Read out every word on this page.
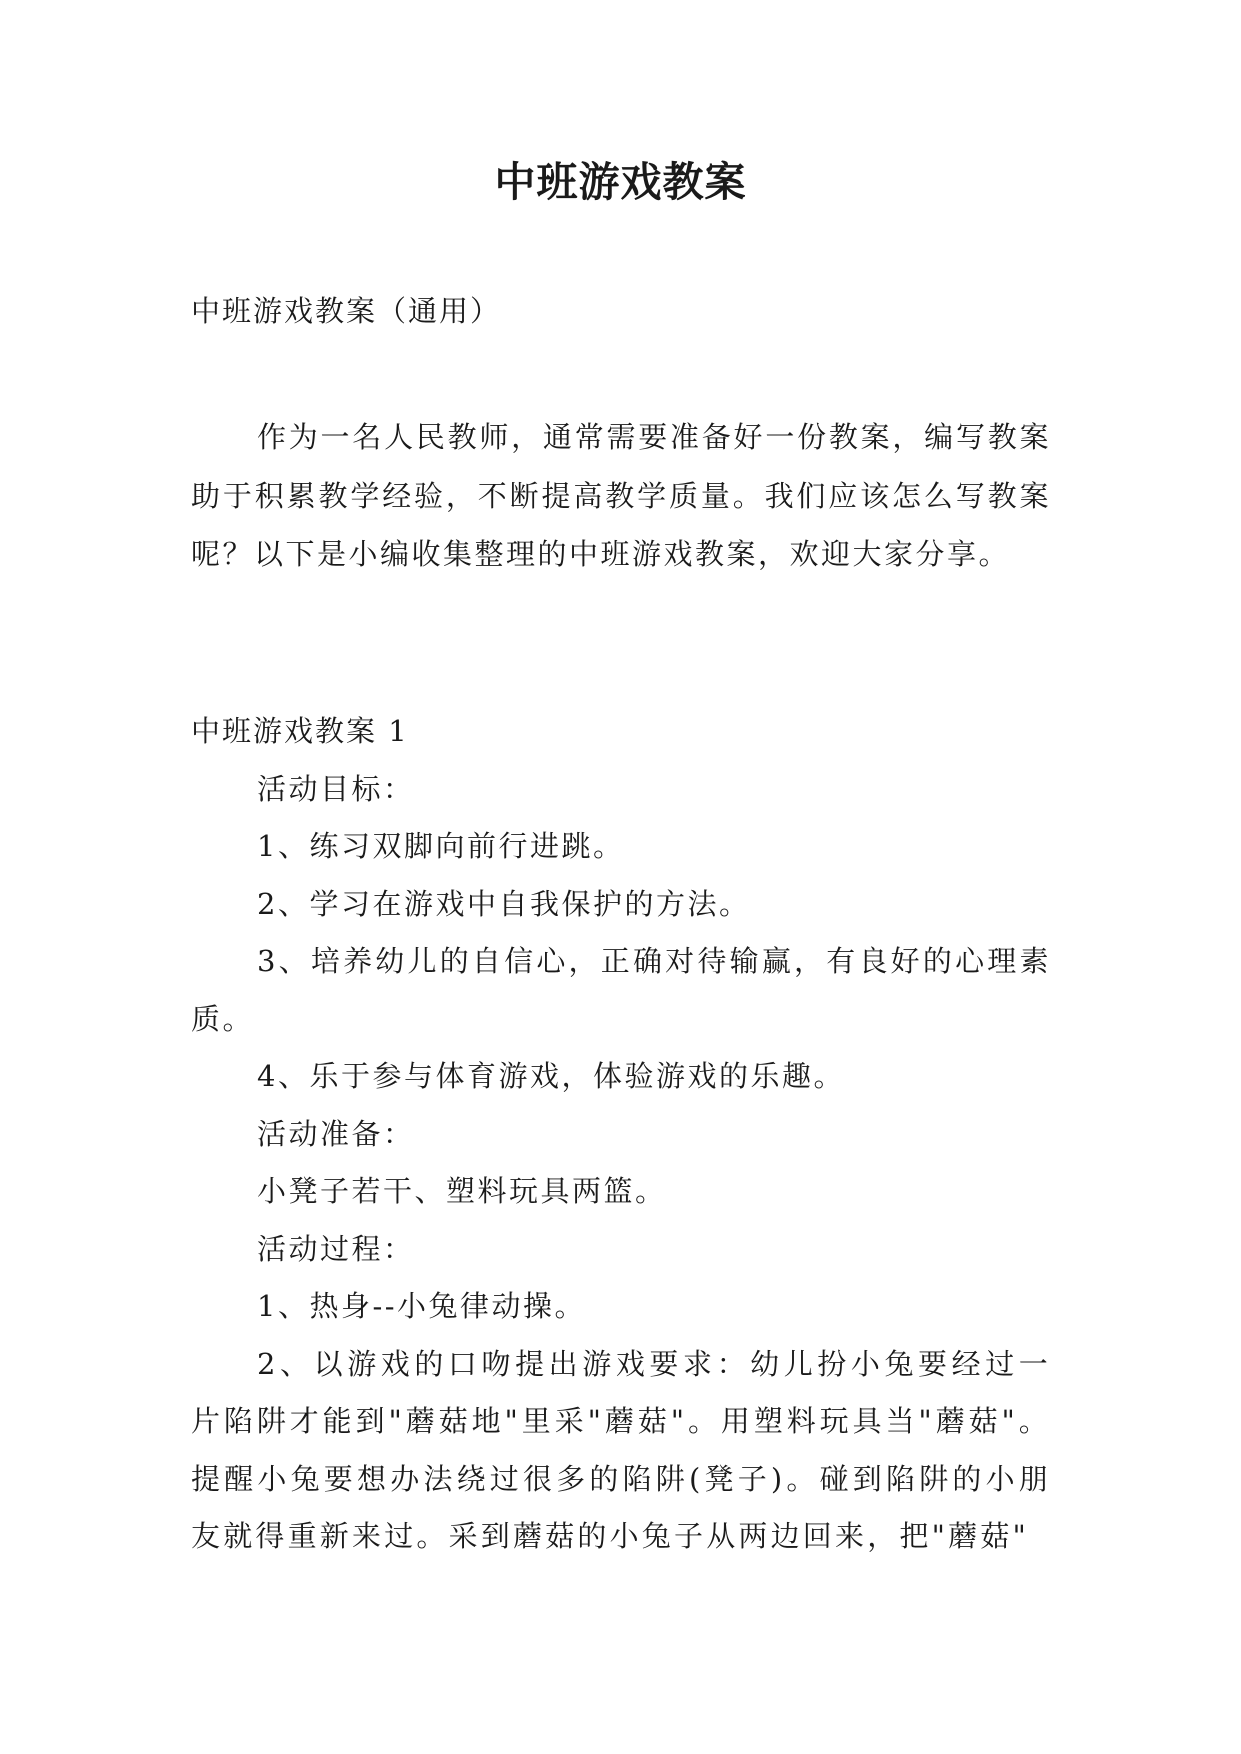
中班游戏教案
中班游戏教案（通用）

作为一名人民教师，通常需要准备好一份教案，编写教案助于积累教学经验，不断提高教学质量。我们应该怎么写教案呢？以下是小编收集整理的中班游戏教案，欢迎大家分享。

中班游戏教案 1

活动目标：

1、练习双脚向前行进跳。

2、学习在游戏中自我保护的方法。

3、培养幼儿的自信心，正确对待输赢，有良好的心理素质。

4、乐于参与体育游戏，体验游戏的乐趣。

活动准备：

小凳子若干、塑料玩具两篮。

活动过程：

1、热身--小兔律动操。

2、以游戏的口吻提出游戏要求：幼儿扮小兔要经过一片陷阱才能到"蘑菇地"里采"蘑菇"。用塑料玩具当"蘑菇"。提醒小兔要想办法绕过很多的陷阱(凳子)。碰到陷阱的小朋友就得重新来过。采到蘑菇的小兔子从两边回来，把"蘑菇"
